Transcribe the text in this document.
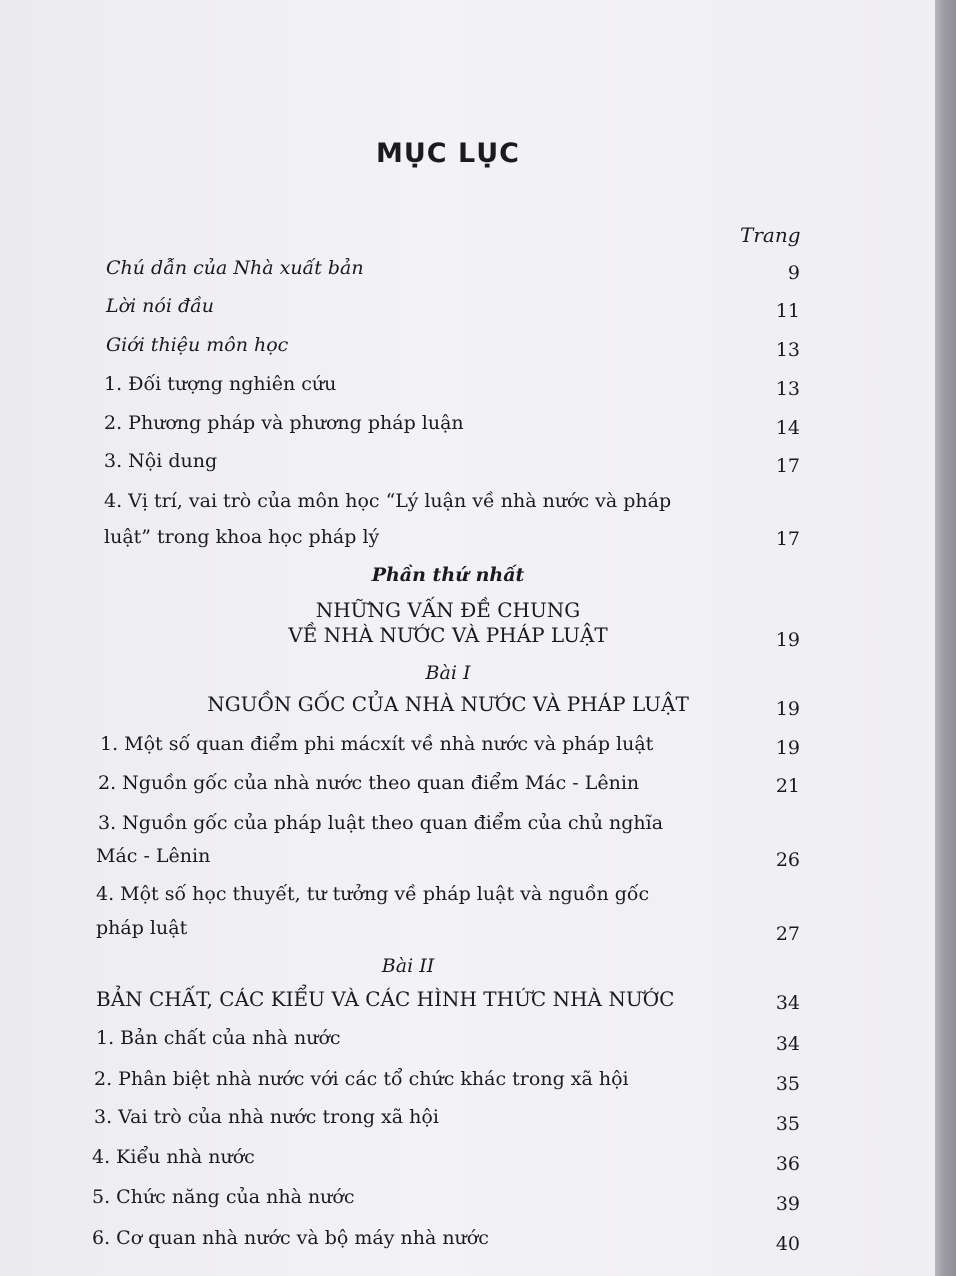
MỤC LỤC
Trang
Chú dẫn của Nhà xuất bản	9
Lời nói đầu	11
Giới thiệu môn học	13
1. Đối tượng nghiên cứu	13
2. Phương pháp và phương pháp luận	14
3. Nội dung	17
4. Vị trí, vai trò của môn học “Lý luận về nhà nước và pháp
luật” trong khoa học pháp lý	17
Phần thứ nhất
NHỮNG VẤN ĐỀ CHUNG
VỀ NHÀ NƯỚC VÀ PHÁP LUẬT	19
Bài I
NGUỒN GỐC CỦA NHÀ NƯỚC VÀ PHÁP LUẬT	19
1. Một số quan điểm phi mácxít về nhà nước và pháp luật	19
2. Nguồn gốc của nhà nước theo quan điểm Mác - Lênin	21
3. Nguồn gốc của pháp luật theo quan điểm của chủ nghĩa
Mác - Lênin	26
4. Một số học thuyết, tư tưởng về pháp luật và nguồn gốc
pháp luật	27
Bài II
BẢN CHẤT, CÁC KIỂU VÀ CÁC HÌNH THỨC NHÀ NƯỚC	34
1. Bản chất của nhà nước	34
2. Phân biệt nhà nước với các tổ chức khác trong xã hội	35
3. Vai trò của nhà nước trong xã hội	35
4. Kiểu nhà nước	36
5. Chức năng của nhà nước	39
6. Cơ quan nhà nước và bộ máy nhà nước	40
